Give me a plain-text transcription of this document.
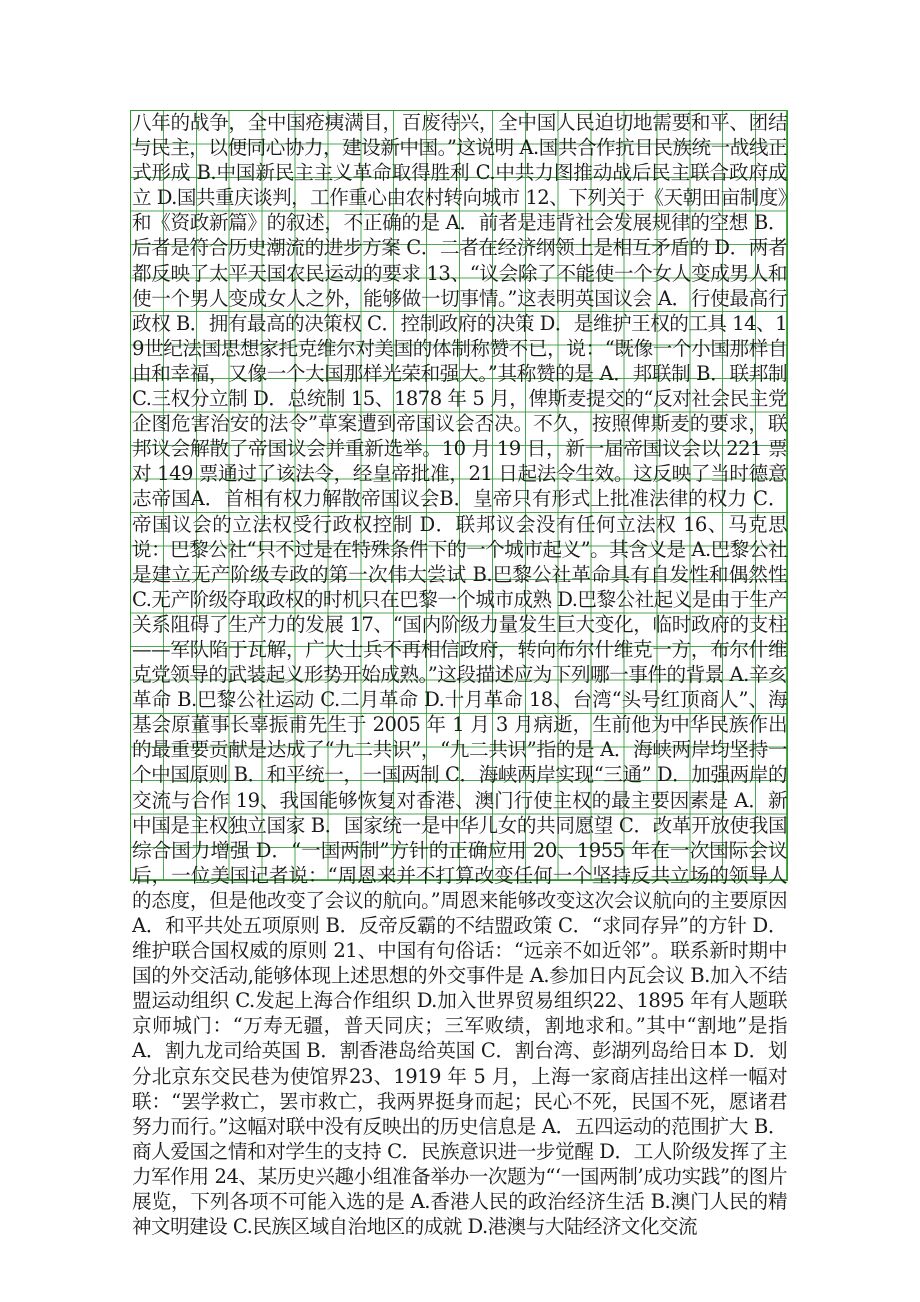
八年的战争，全中国疮痍满目，百废待兴，全中国人民迫切地需要和平、团结与民主，以便同心协力，建设新中国。”这说明 A.国共合作抗日民族统一战线正式形成 B.中国新民主主义革命取得胜利 C.中共力图推动战后民主联合政府成立 D.国共重庆谈判，工作重心由农村转向城市 12、下列关于《天朝田亩制度》和《资政新篇》的叙述，不正确的是 A．前者是违背社会发展规律的空想 B．后者是符合历史潮流的进步方案 C．二者在经济纲领上是相互矛盾的 D．两者都反映了太平天国农民运动的要求 13、“议会除了不能使一个女人变成男人和使一个男人变成女人之外，能够做一切事情。”这表明英国议会 A．行使最高行政权 B．拥有最高的决策权 C．控制政府的决策 D．是维护王权的工具 14、19世纪法国思想家托克维尔对美国的体制称赞不已，说：“既像一个小国那样自由和幸福，又像一个大国那样光荣和强大。”其称赞的是 A．邦联制 B．联邦制 C.三权分立制 D．总统制 15、1878 年 5 月，俾斯麦提交的“反对社会民主党企图危害治安的法令”草案遭到帝国议会否决。不久，按照俾斯麦的要求，联邦议会解散了帝国议会并重新选举。10 月 19 日，新一届帝国议会以 221 票对 149 票通过了该法令，经皇帝批准，21 日起法令生效。这反映了当时德意志帝国A．首相有权力解散帝国议会B．皇帝只有形式上批准法律的权力 C．帝国议会的立法权受行政权控制 D．联邦议会没有任何立法权 16、马克思说：巴黎公社“只不过是在特殊条件下的一个城市起义”。其含义是 A.巴黎公社是建立无产阶级专政的第一次伟大尝试 B.巴黎公社革命具有自发性和偶然性 C.无产阶级夺取政权的时机只在巴黎一个城市成熟 D.巴黎公社起义是由于生产关系阻碍了生产力的发展 17、“国内阶级力量发生巨大变化，临时政府的支柱——军队陷于瓦解，广大士兵不再相信政府，转向布尔什维克一方，布尔什维克党领导的武装起义形势开始成熟。”这段描述应为下列哪一事件的背景 A.辛亥革命 B.巴黎公社运动 C.二月革命 D.十月革命 18、台湾“头号红顶商人”、海基会原董事长辜振甫先生于 2005 年 1 月 3 月病逝，生前他为中华民族作出的最重要贡献是达成了“九二共识”，“九二共识”指的是 A．海峡两岸均坚持一个中国原则 B．和平统一，一国两制 C．海峡两岸实现“三通” D．加强两岸的交流与合作 19、我国能够恢复对香港、澳门行使主权的最主要因素是 A．新中国是主权独立国家 B．国家统一是中华儿女的共同愿望 C．改革开放使我国综合国力增强 D．“一国两制”方针的正确应用 20、1955 年在一次国际会议后，一位美国记者说：“周恩来并不打算改变任何一个坚持反共立场的领导人的态度，但是他改变了会议的航向。”周恩来能够改变这次会议航向的主要原因A．和平共处五项原则 B．反帝反霸的不结盟政策 C．“求同存异”的方针 D．维护联合国权威的原则 21、中国有句俗话：“远亲不如近邻”。联系新时期中国的外交活动,能够体现上述思想的外交事件是 A.参加日内瓦会议 B.加入不结盟运动组织 C.发起上海合作组织 D.加入世界贸易组织22、1895 年有人题联京师城门：“万寿无疆，普天同庆；三军败绩，割地求和。”其中“割地”是指 A．割九龙司给英国 B．割香港岛给英国 C．割台湾、彭湖列岛给日本 D．划分北京东交民巷为使馆界23、1919 年 5 月，上海一家商店挂出这样一幅对联：“罢学救亡，罢市救亡，我两界挺身而起；民心不死，民国不死，愿诸君努力而行。”这幅对联中没有反映出的历史信息是 A．五四运动的范围扩大 B．商人爱国之情和对学生的支持 C．民族意识进一步觉醒 D．工人阶级发挥了主力军作用 24、某历史兴趣小组准备举办一次题为“‘一国两制’成功实践”的图片展览，下列各项不可能入选的是 A.香港人民的政治经济生活 B.澳门人民的精神文明建设 C.民族区域自治地区的成就 D.港澳与大陆经济文化交流
